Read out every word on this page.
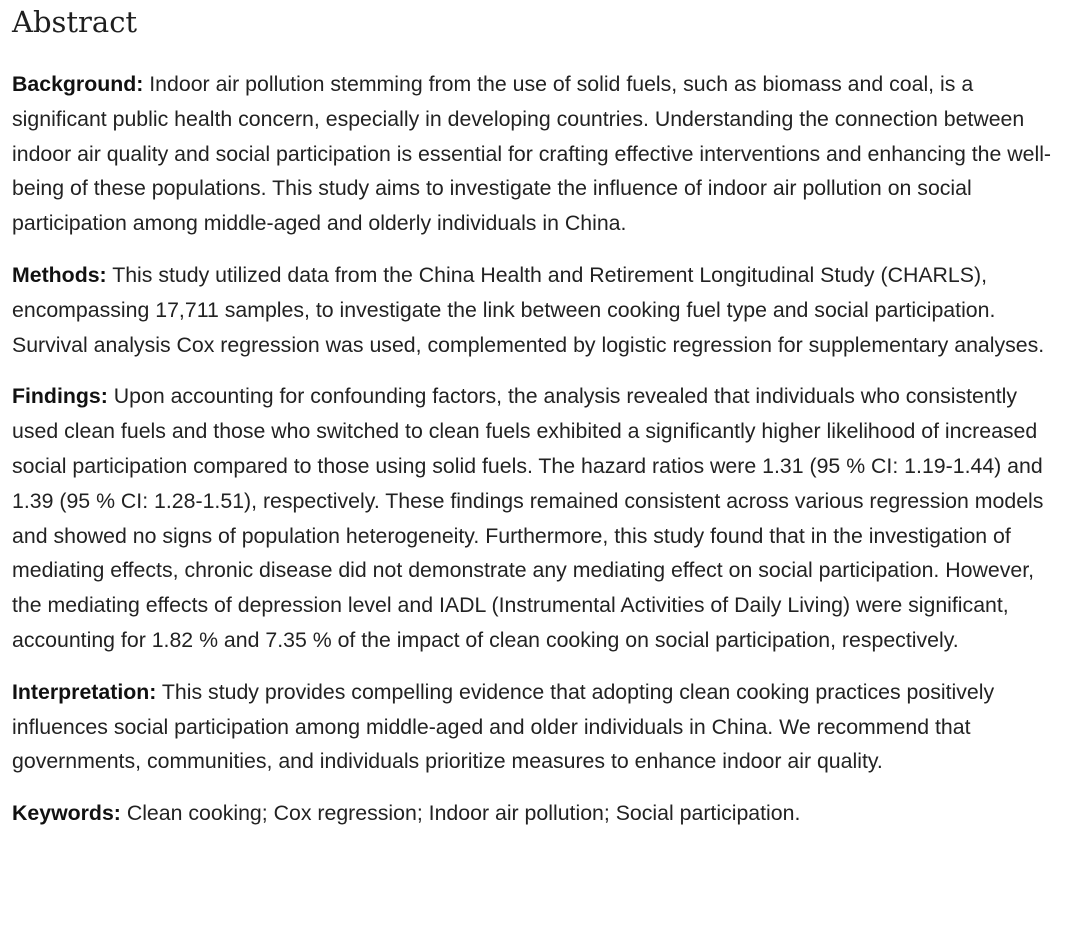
Abstract

Background: Indoor air pollution stemming from the use of solid fuels, such as biomass and coal, is a significant public health concern, especially in developing countries. Understanding the connection between indoor air quality and social participation is essential for crafting effective interventions and enhancing the well-being of these populations. This study aims to investigate the influence of indoor air pollution on social participation among middle-aged and olderly individuals in China.

Methods: This study utilized data from the China Health and Retirement Longitudinal Study (CHARLS), encompassing 17,711 samples, to investigate the link between cooking fuel type and social participation. Survival analysis Cox regression was used, complemented by logistic regression for supplementary analyses.

Findings: Upon accounting for confounding factors, the analysis revealed that individuals who consistently used clean fuels and those who switched to clean fuels exhibited a significantly higher likelihood of increased social participation compared to those using solid fuels. The hazard ratios were 1.31 (95 % CI: 1.19-1.44) and 1.39 (95 % CI: 1.28-1.51), respectively. These findings remained consistent across various regression models and showed no signs of population heterogeneity. Furthermore, this study found that in the investigation of mediating effects, chronic disease did not demonstrate any mediating effect on social participation. However, the mediating effects of depression level and IADL (Instrumental Activities of Daily Living) were significant, accounting for 1.82 % and 7.35 % of the impact of clean cooking on social participation, respectively.

Interpretation: This study provides compelling evidence that adopting clean cooking practices positively influences social participation among middle-aged and older individuals in China. We recommend that governments, communities, and individuals prioritize measures to enhance indoor air quality.

Keywords: Clean cooking; Cox regression; Indoor air pollution; Social participation.
